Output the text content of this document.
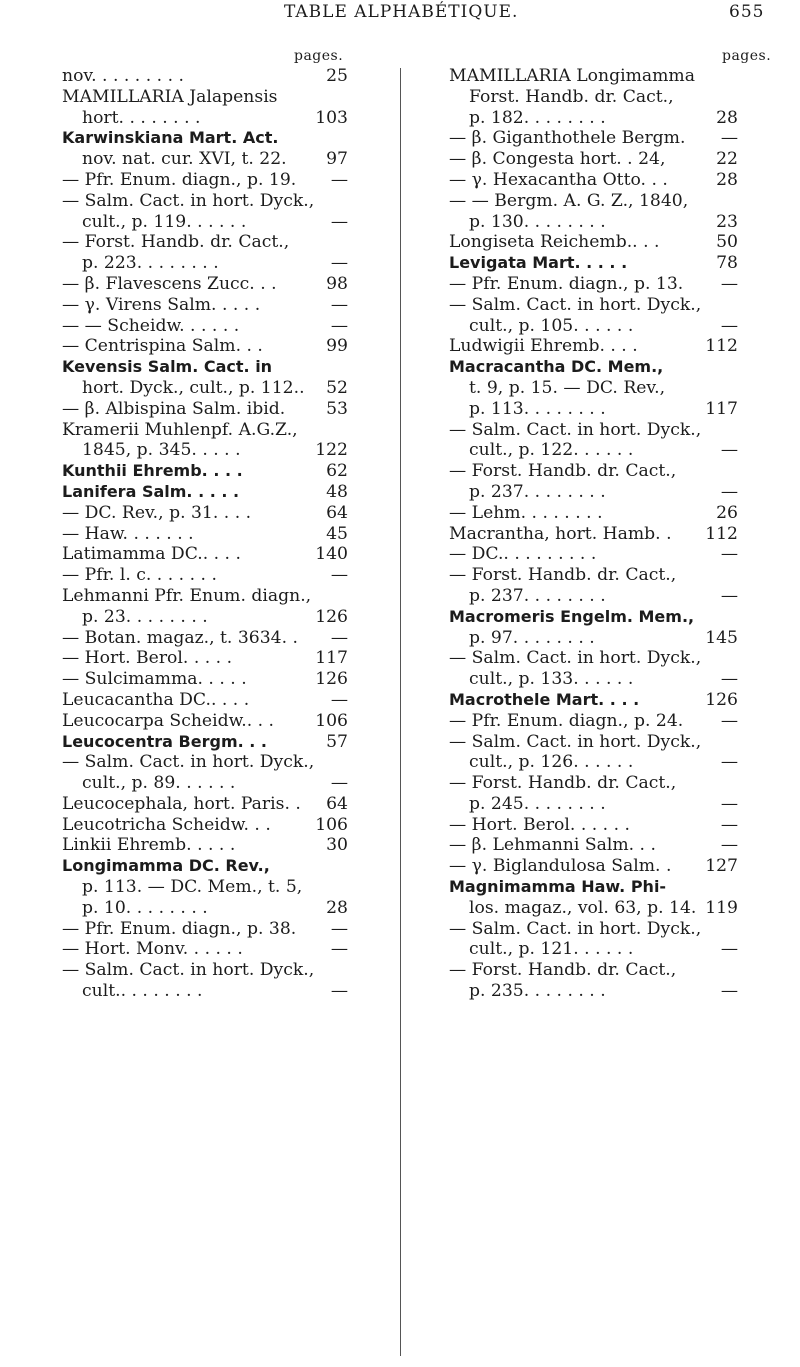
TABLE ALPHABÉTIQUE.	655
pages.	pages.
nov. . . . . . . . .	25
MAMILLARIA Jalapensis
hort. . . . . . . .	103
Karwinskiana Mart. Act.
nov. nat. cur. XVI, t. 22. 97
— Pfr. Enum. diagn., p. 19. —
— Salm. Cact. in hort. Dyck.,
cult., p. 119. . . . . .	—
— Forst. Handb. dr. Cact.,
p. 223. . . . . . . .	—
— β. Flavescens Zucc. . .	98
— γ. Virens Salm. . . . .	—
— — Scheidw. . . . . .	—
— Centrispina Salm. . .	99
Kevensis Salm. Cact. in
hort. Dyck., cult., p. 112.. 52
— β. Albispina Salm. ibid. 53
Kramerii Muhlenpf. A.G.Z.,
1845, p. 345. . . . .	122
Kunthii Ehremb. . . .	62
Lanifera Salm. . . . .	48
— DC. Rev., p. 31. . . .	64
— Haw. . . . . . .	45
Latimamma DC.. . . .	140
— Pfr. l. c. . . . . . .	—
Lehmanni Pfr. Enum. diagn.,
p. 23. . . . . . . .	126
— Botan. magaz., t. 3634. . —
— Hort. Berol. . . . .	117
— Sulcimamma. . . . .	126
Leucacantha DC.. . . .	—
Leucocarpa Scheidw.. . . 106
Leucocentra Bergm. . .	57
— Salm. Cact. in hort. Dyck.,
cult., p. 89. . . . . .	—
Leucocephala, hort. Paris. . 64
Leucotricha Scheidw. . .	106
Linkii Ehremb. . . . .	30
Longimamma DC. Rev.,
p. 113. — DC. Mem., t. 5,
p. 10. . . . . . . .	28
— Pfr. Enum. diagn., p. 38. —
— Hort. Monv. . . . . .	—
— Salm. Cact. in hort. Dyck.,
cult.. . . . . . . .	—
MAMILLARIA Longimamma
Forst. Handb. dr. Cact.,
p. 182. . . . . . . .	28
— β. Giganthothele Bergm. —
— β. Congesta hort. . 24,	22
— γ. Hexacantha Otto. . .	28
— — Bergm. A. G. Z., 1840,
p. 130. . . . . . . .	23
Longiseta Reichemb.. . .	50
Levigata Mart. . . . .	78
— Pfr. Enum. diagn., p. 13. —
— Salm. Cact. in hort. Dyck.,
cult., p. 105. . . . . .	—
Ludwigii Ehremb. . . .	112
Macracantha DC. Mem.,
t. 9, p. 15. — DC. Rev.,
p. 113. . . . . . . .	117
— Salm. Cact. in hort. Dyck.,
cult., p. 122. . . . . .	—
— Forst. Handb. dr. Cact.,
p. 237. . . . . . . .	—
— Lehm. . . . . . . .	26
Macrantha, hort. Hamb. . 112
— DC.. . . . . . . . .	—
— Forst. Handb. dr. Cact.,
p. 237. . . . . . . .	—
Macromeris Engelm. Mem.,
p. 97. . . . . . . .	145
— Salm. Cact. in hort. Dyck.,
cult., p. 133. . . . . .	—
Macrothele Mart. . . .	126
— Pfr. Enum. diagn., p. 24. —
— Salm. Cact. in hort. Dyck.,
cult., p. 126. . . . . .	—
— Forst. Handb. dr. Cact.,
p. 245. . . . . . . .	—
— Hort. Berol. . . . . .	—
— β. Lehmanni Salm. . .	—
— γ. Biglandulosa Salm. . 127
Magnimamma Haw. Phi-
los. magaz., vol. 63, p. 14. 119
— Salm. Cact. in hort. Dyck.,
cult., p. 121. . . . . .	—
— Forst. Handb. dr. Cact.,
p. 235. . . . . . . .	—
